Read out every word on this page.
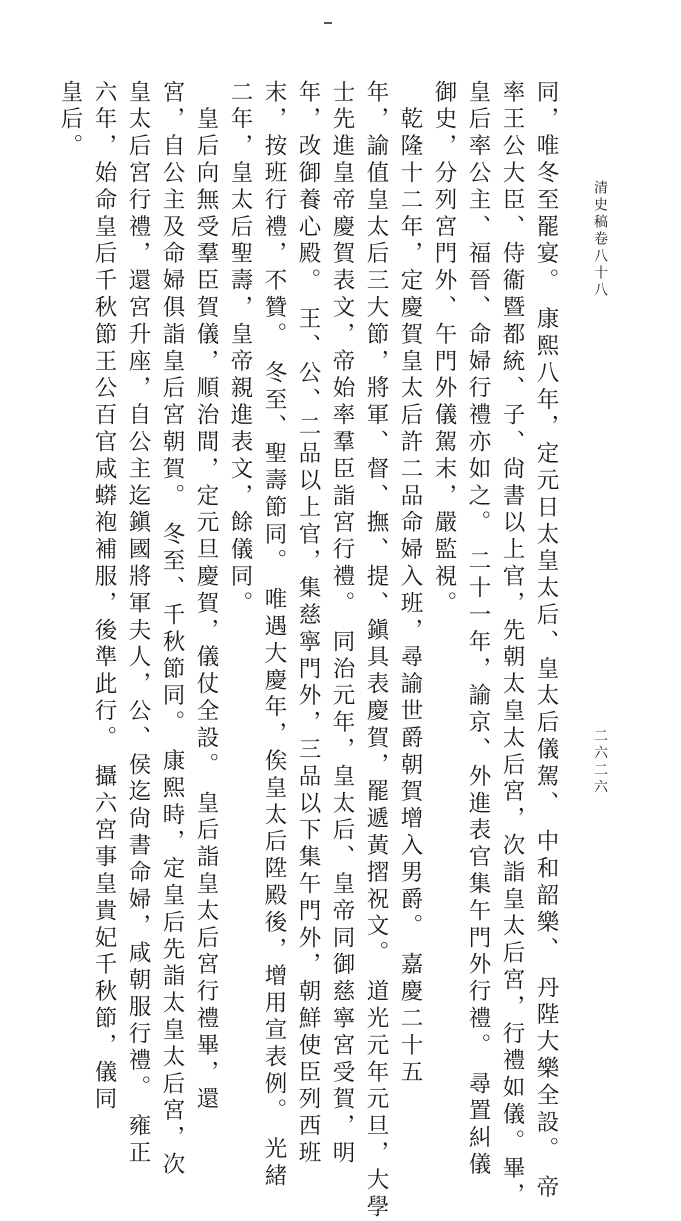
清史稿卷八十八
二六二六
同，唯冬至罷宴。 康熙八年，定元日太皇太后、皇太后儀駕、 中和韶樂、 丹陛大樂全設。 帝
率王公大臣、侍衞暨都統、子、尙書以上官，先朝太皇太后宮，次詣皇太后宮，行禮如儀。畢，
皇后率公主、福晉、命婦行禮亦如之。 二十一年，諭京、外進表官集午門外行禮。 尋置糾儀
御史，分列宮門外、午門外儀駕末，嚴監視。
　乾隆十二年，定慶賀皇太后許二品命婦入班，尋諭世爵朝賀增入男爵。 嘉慶二十五
年，諭值皇太后三大節，將軍、督、撫、提、鎭具表慶賀，罷遞黃摺祝文。 道光元年元旦，大學
士先進皇帝慶賀表文，帝始率羣臣詣宮行禮。 同治元年，皇太后、皇帝同御慈寧宮受賀，明
年，改御養心殿。 王、公、二品以上官，集慈寧門外，三品以下集午門外，朝鮮使臣列西班
末，按班行禮，不贊。 冬至、聖壽節同。 唯遇大慶年，俟皇太后陞殿後，增用宣表例。 光緒
二年，皇太后聖壽，皇帝親進表文，餘儀同。
　皇后向無受羣臣賀儀，順治間，定元旦慶賀，儀仗全設。 皇后詣皇太后宮行禮畢，還
宮，自公主及命婦俱詣皇后宮朝賀。 冬至、千秋節同。 康熙時，定皇后先詣太皇太后宮，次
皇太后宮行禮，還宮升座，自公主迄鎭國將軍夫人，公、侯迄尙書命婦，咸朝服行禮。 雍正
六年，始命皇后千秋節王公百官咸蟒袍補服，後準此行。 攝六宮事皇貴妃千秋節，儀同
皇后。
